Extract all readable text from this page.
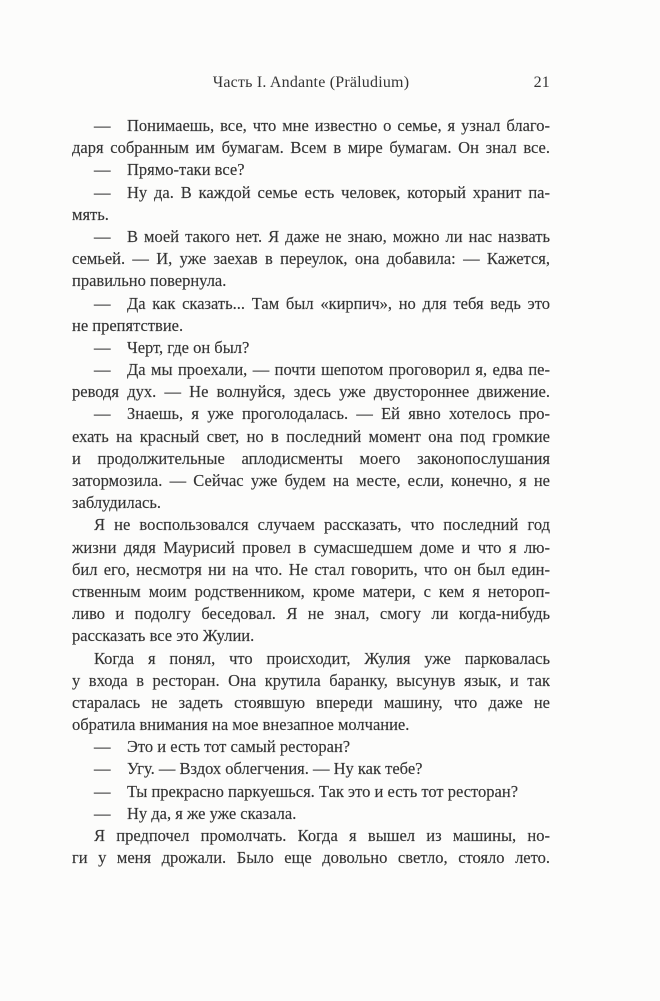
Часть I. Andante (Präludium)	21
— Понимаешь, все, что мне известно о семье, я узнал благо-
даря собранным им бумагам. Всем в мире бумагам. Он знал все.
— Прямо-таки все?
— Ну да. В каждой семье есть человек, который хранит па-
мять.
— В моей такого нет. Я даже не знаю, можно ли нас назвать
семьей. — И, уже заехав в переулок, она добавила: — Кажется,
правильно повернула.
— Да как сказать... Там был «кирпич», но для тебя ведь это
не препятствие.
— Черт, где он был?
— Да мы проехали, — почти шепотом проговорил я, едва пе-
реводя дух. — Не волнуйся, здесь уже двустороннее движение.
— Знаешь, я уже проголодалась. — Ей явно хотелось про-
ехать на красный свет, но в последний момент она под громкие
и продолжительные аплодисменты моего законопослушания
затормозила. — Сейчас уже будем на месте, если, конечно, я не
заблудилась.
Я не воспользовался случаем рассказать, что последний год
жизни дядя Маурисий провел в сумасшедшем доме и что я лю-
бил его, несмотря ни на что. Не стал говорить, что он был един-
ственным моим родственником, кроме матери, с кем я нетороп-
ливо и подолгу беседовал. Я не знал, смогу ли когда-нибудь
рассказать все это Жулии.
Когда я понял, что происходит, Жулия уже парковалась
у входа в ресторан. Она крутила баранку, высунув язык, и так
старалась не задеть стоявшую впереди машину, что даже не
обратила внимания на мое внезапное молчание.
— Это и есть тот самый ресторан?
— Угу. — Вздох облегчения. — Ну как тебе?
— Ты прекрасно паркуешься. Так это и есть тот ресторан?
— Ну да, я же уже сказала.
Я предпочел промолчать. Когда я вышел из машины, но-
ги у меня дрожали. Было еще довольно светло, стояло лето.
